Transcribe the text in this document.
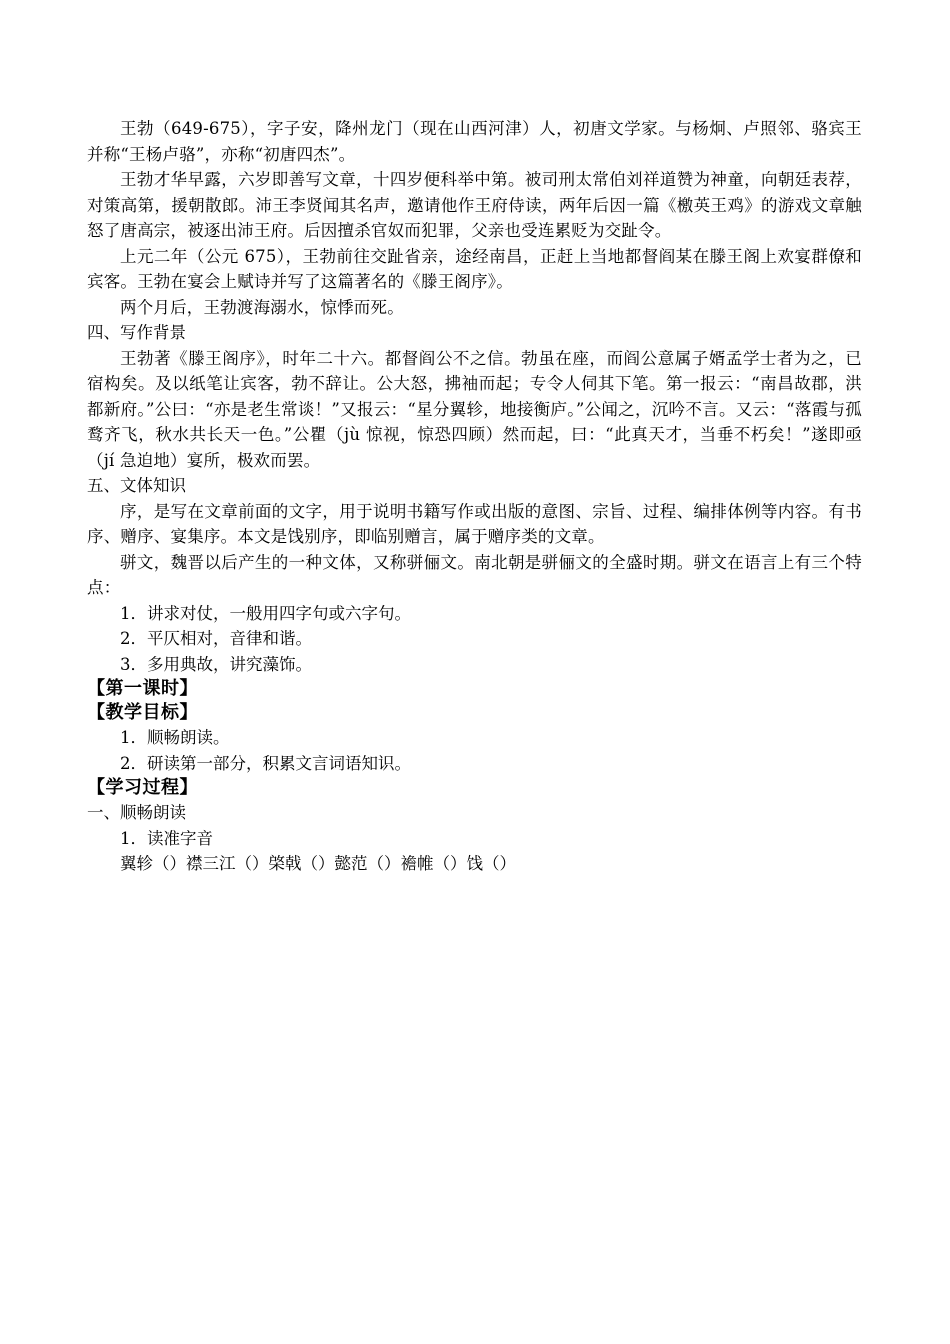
王勃（649-675），字子安，降州龙门（现在山西河津）人，初唐文学家。与杨炯、卢照邻、骆宾王并称“王杨卢骆”，亦称“初唐四杰”。

王勃才华早露，六岁即善写文章，十四岁便科举中第。被司刑太常伯刘祥道赞为神童，向朝廷表荐，对策高第，援朝散郎。沛王李贤闻其名声，邀请他作王府侍读，两年后因一篇《檄英王鸡》的游戏文章触怒了唐高宗，被逐出沛王府。后因擅杀官奴而犯罪，父亲也受连累贬为交趾令。

上元二年（公元 675），王勃前往交趾省亲，途经南昌，正赶上当地都督阎某在滕王阁上欢宴群僚和宾客。王勃在宴会上赋诗并写了这篇著名的《滕王阁序》。

两个月后，王勃渡海溺水，惊悸而死。

四、写作背景

王勃著《滕王阁序》，时年二十六。都督阎公不之信。勃虽在座，而阎公意属子婿孟学士者为之，已宿构矣。及以纸笔让宾客，勃不辞让。公大怒，拂袖而起；专令人伺其下笔。第一报云：“南昌故郡，洪都新府。”公曰：“亦是老生常谈！”又报云：“星分翼轸，地接衡庐。”公闻之，沉吟不言。又云：“落霞与孤鹜齐飞，秋水共长天一色。”公瞿（jù 惊视，惊恐四顾）然而起，曰：“此真天才，当垂不朽矣！”遂即亟（jí 急迫地）宴所，极欢而罢。

五、文体知识

序，是写在文章前面的文字，用于说明书籍写作或出版的意图、宗旨、过程、编排体例等内容。有书序、赠序、宴集序。本文是饯别序，即临别赠言，属于赠序类的文章。

骈文，魏晋以后产生的一种文体，又称骈俪文。南北朝是骈俪文的全盛时期。骈文在语言上有三个特点：

1．讲求对仗，一般用四字句或六字句。

2．平仄相对，音律和谐。

3．多用典故，讲究藻饰。

【第一课时】

【教学目标】

1．顺畅朗读。

2．研读第一部分，积累文言词语知识。

【学习过程】

一、顺畅朗读

1．读准字音

翼轸（）襟三江（）棨戟（）懿范（）襜帷（）饯（）
